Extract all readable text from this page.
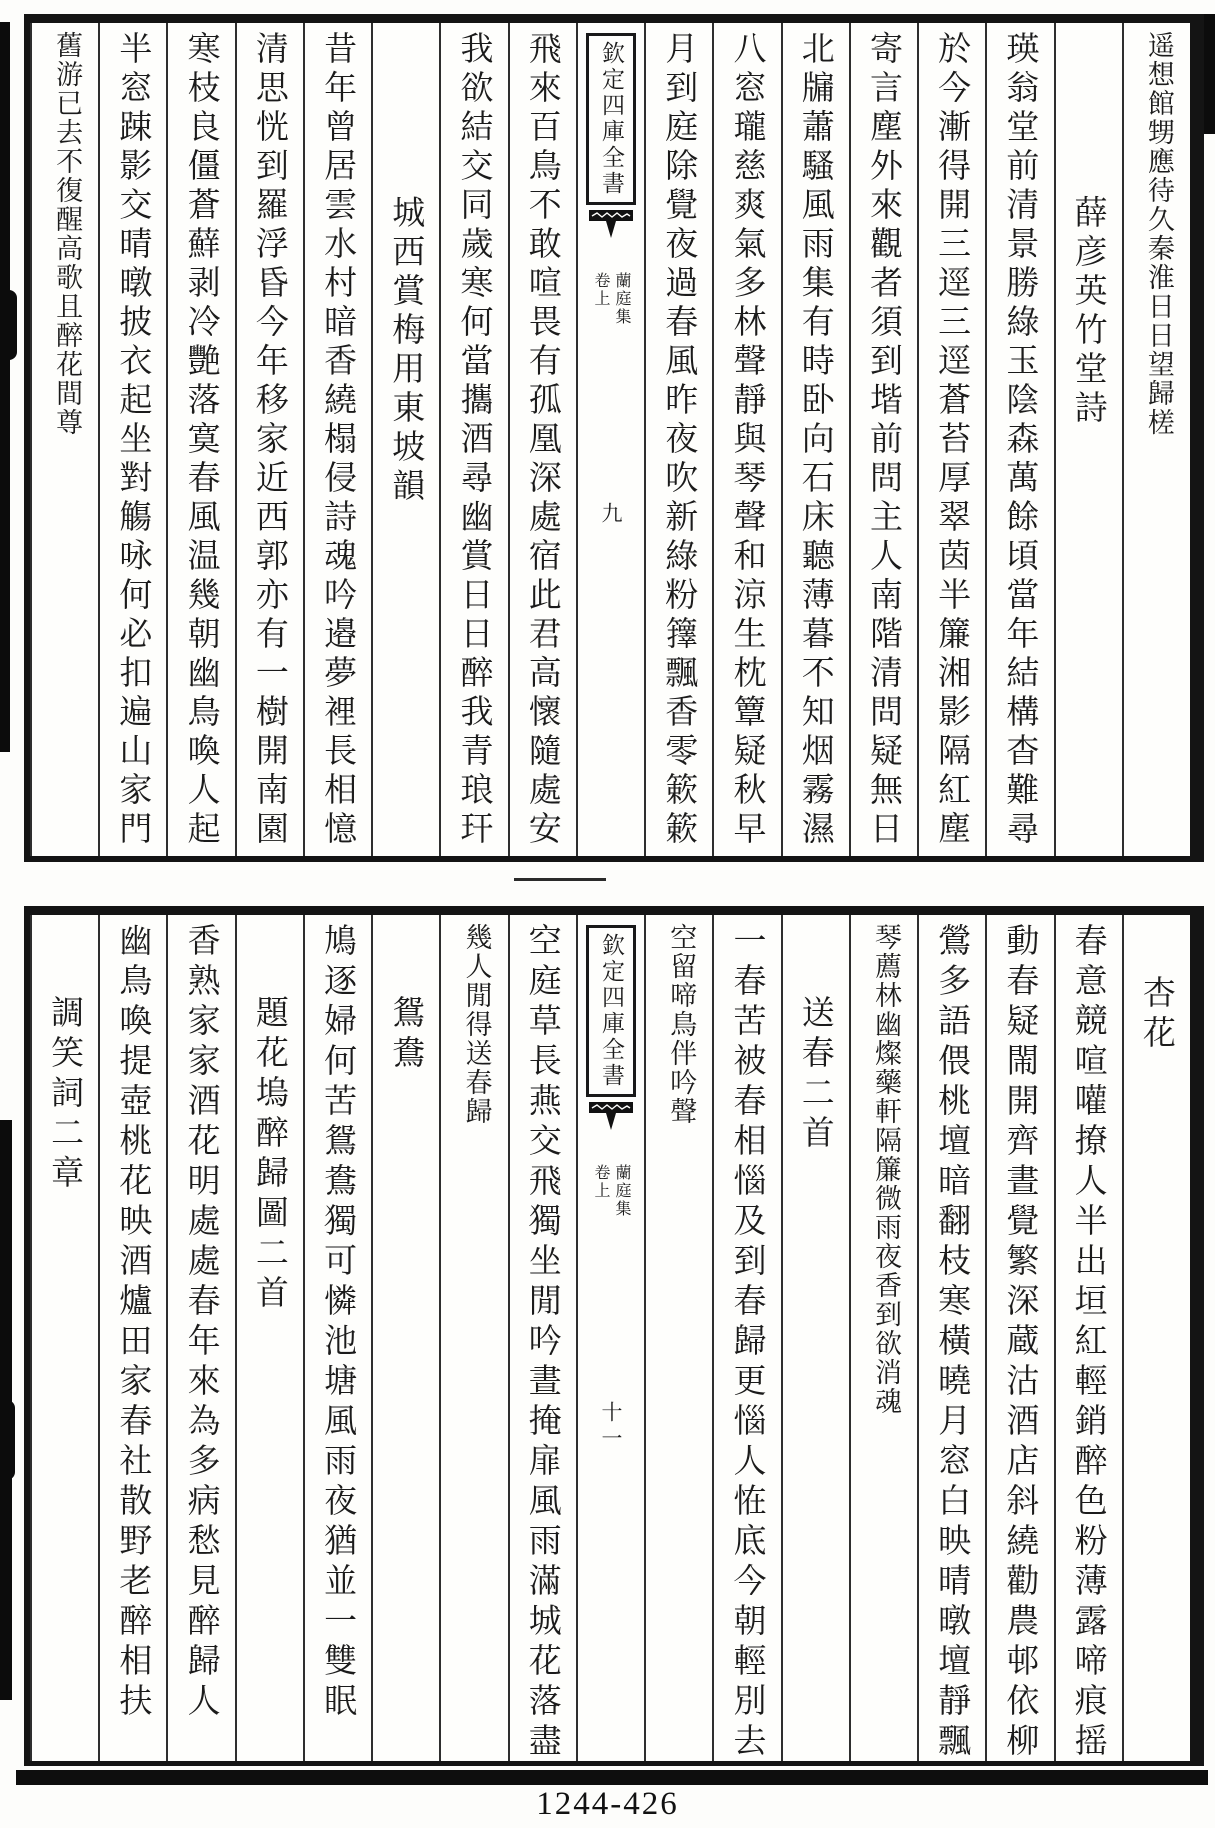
遥想館甥應待久秦淮日日望歸槎
薛彦英竹堂詩
瑛翁堂前清景勝綠玉陰森萬餘頃當年結構杳難尋
於今漸得開三逕三逕蒼苔厚翠茵半簾湘影隔紅塵
寄言塵外來觀者須到堦前問主人南階清問疑無日
北牖蕭騷風雨集有時卧向石床聽薄暮不知烟霧濕
八窓瓏慈爽氣多林聲靜與琴聲和涼生枕簟疑秋早
月到庭除覺夜過春風昨夜吹新綠粉籜飄香零簌簌
欽定四庫全書
蘭庭集
卷上
九
飛來百鳥不敢喧畏有孤凰深處宿此君高懷隨處安
我欲結交同歲寒何當攜酒尋幽賞日日醉我青琅玕
城西賞梅用東坡韻
昔年曾居雲水村暗香繞榻侵詩魂吟邉夢裡長相憶
清思恍到羅浮昏今年移家近西郭亦有一樹開南園
寒枝良僵蒼蘚剥冷艷落寞春風温幾朝幽鳥喚人起
半窓踈影交晴暾披衣起坐對觴咏何必扣遍山家門
舊游已去不復醒高歌且醉花間尊
杏花
春意競喧嚾撩人半出垣紅輕銷醉色粉薄露啼痕摇
動春疑閙開齊晝覺繁深蔵沽酒店斜繞勸農邨依柳
鶯多語偎桃壇暗翻枝寒橫曉月窓白映晴暾壇靜飄
琴薦林幽燦藥軒隔簾微雨夜香到欲消魂
送春二首
一春苦被春相惱及到春歸更惱人恠底今朝輕別去
空留啼鳥伴吟聲
欽定四庫全書
蘭庭集
卷上
十一
空庭草長燕交飛獨坐閒吟晝掩扉風雨滿城花落盡
幾人閒得送春歸
鴛鴦
鳩逐婦何苦鴛鴦獨可憐池塘風雨夜猶並一雙眠
題花塢醉歸圖二首
香熟家家酒花明處處春年來為多病愁見醉歸人
幽鳥喚提壺桃花映酒爐田家春社散野老醉相扶
調笑詞二章
1244-426
